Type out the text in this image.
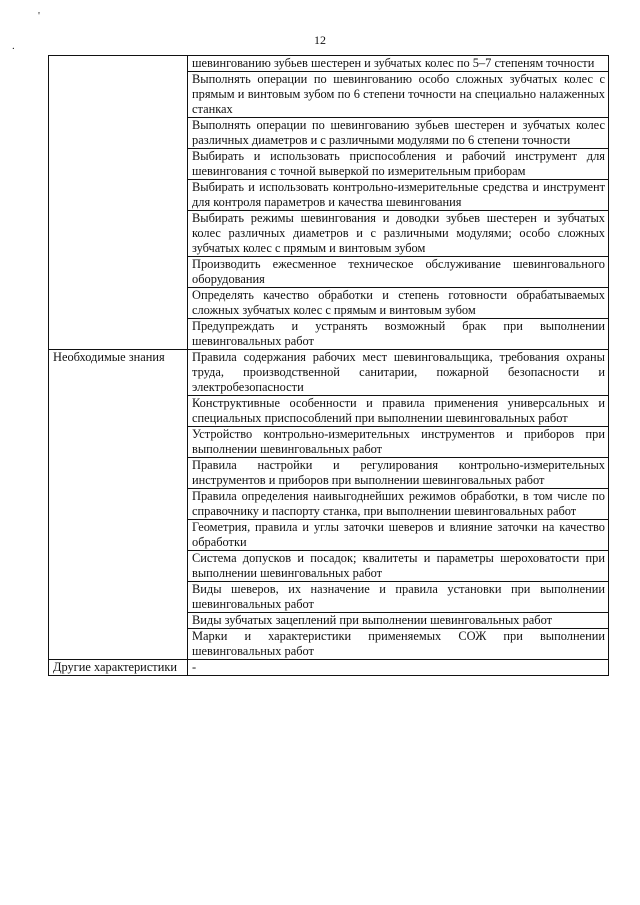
'
.	12
	шевингованию зубьев шестерен и зубчатых колес по 5–7 степеням точности
	Выполнять операции по шевингованию особо сложных зубчатых колес с прямым и винтовым зубом по 6 степени точности на специально налаженных станках
	Выполнять операции по шевингованию зубьев шестерен и зубчатых колес различных диаметров и с различными модулями по 6 степени точности
	Выбирать и использовать приспособления и рабочий инструмент для шевингования с точной выверкой по измерительным приборам
	Выбирать и использовать контрольно-измерительные средства и инструмент для контроля параметров и качества шевингования
	Выбирать режимы шевингования и доводки зубьев шестерен и зубчатых колес различных диаметров и с различными модулями; особо сложных зубчатых колес с прямым и винтовым зубом
	Производить ежесменное техническое обслуживание шевинговального оборудования
	Определять качество обработки и степень готовности обрабатываемых сложных зубчатых колес с прямым и винтовым зубом
	Предупреждать и устранять возможный брак при выполнении шевинговальных работ
Необходимые знания	Правила содержания рабочих мест шевинговальщика, требования охраны труда, производственной санитарии, пожарной безопасности и электробезопасности
	Конструктивные особенности и правила применения универсальных и специальных приспособлений при выполнении шевинговальных работ
	Устройство контрольно-измерительных инструментов и приборов при выполнении шевинговальных работ
	Правила настройки и регулирования контрольно-измерительных инструментов и приборов при выполнении шевинговальных работ
	Правила определения наивыгоднейших режимов обработки, в том числе по справочнику и паспорту станка, при выполнении шевинговальных работ
	Геометрия, правила и углы заточки шеверов и влияние заточки на качество обработки
	Система допусков и посадок; квалитеты и параметры шероховатости при выполнении шевинговальных работ
	Виды шеверов, их назначение и правила установки при выполнении шевинговальных работ
	Виды зубчатых зацеплений при выполнении шевинговальных работ
	Марки и характеристики применяемых СОЖ при выполнении шевинговальных работ
Другие характеристики	-
